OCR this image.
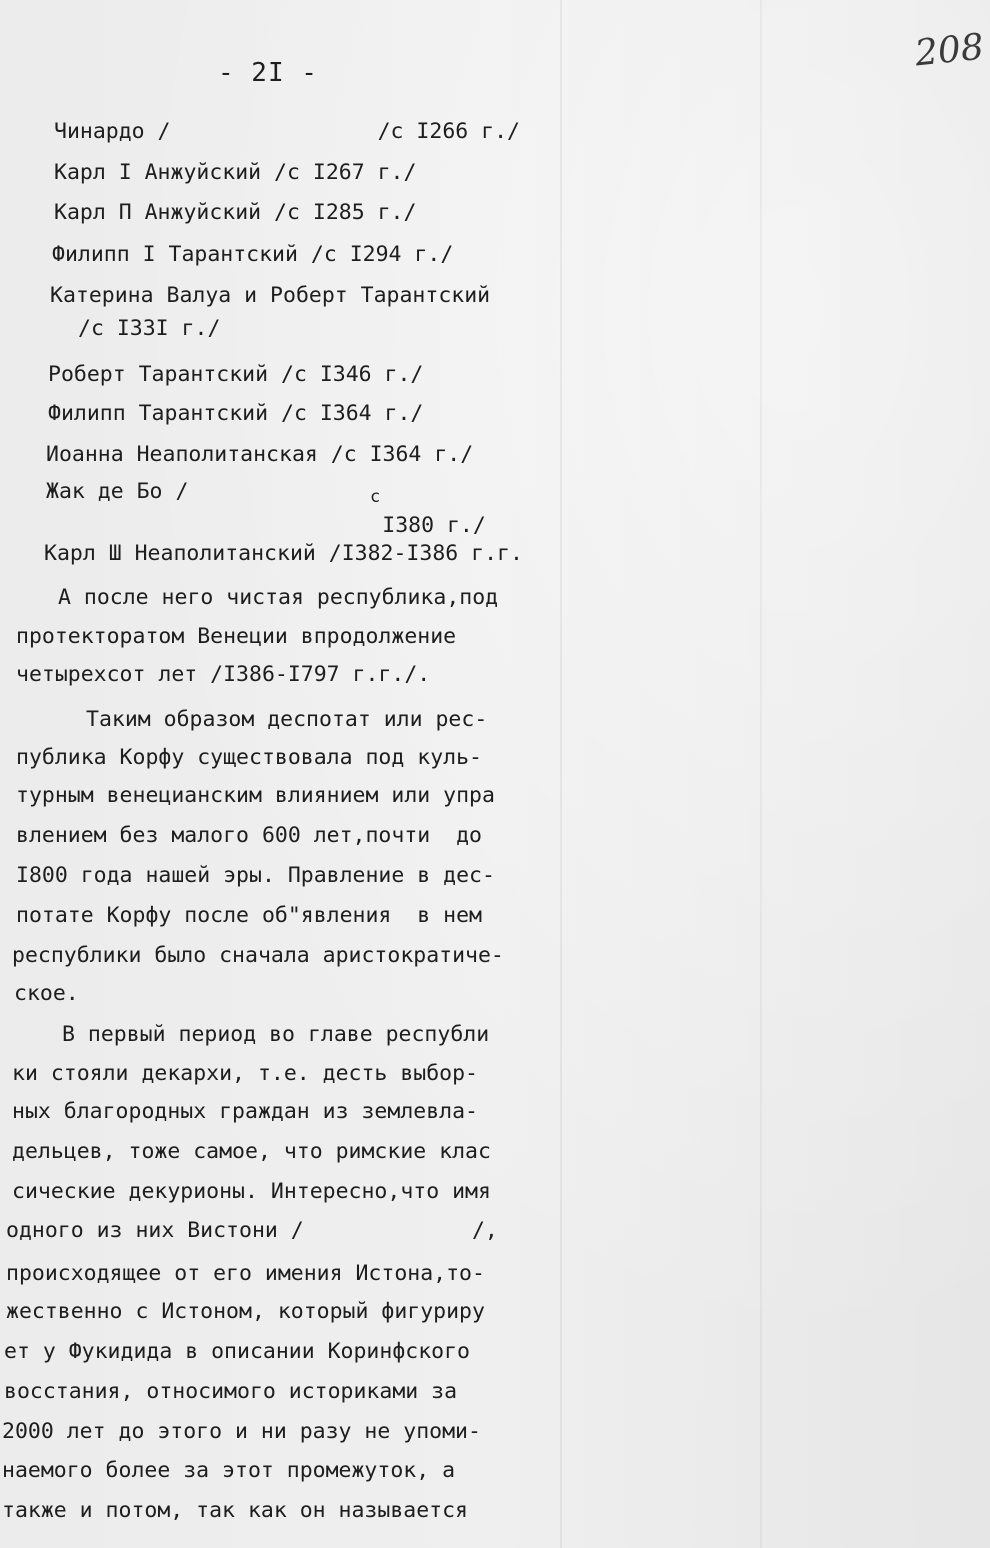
- 2I -	208
Чинардо /                /с I266 г./
Карл I Анжуйский /с I267 г./
Карл П Анжуйский /с I285 г./
Филипп I Тарантский /с I294 г./
Катерина Валуа и Роберт Тарантский
/с I33I г./
Роберт Тарантский /с I346 г./
Филипп Тарантский /с I364 г./
Иоанна Неаполитанская /с I364 г./
Жак де Бо /	$^с$I380 г./
Карл Ш Неаполитанский /I382-I386 г.г.
А после него чистая республика,под
протекторатом Венеции впродолжение
четырехсот лет /I386-I797 г.г./.
Таким образом деспотат или рес-
публика Корфу существовала под куль-
турным венецианским влиянием или упра
влением без малого 600 лет,почти  до
I800 года нашей эры. Правление в дес-
потате Корфу после об"явления  в нем
республики было сначала аристократиче-
ское.
В первый период во главе республи
ки стояли декархи, т.е. десть выбор-
ных благородных граждан из землевла-
дельцев, тоже самое, что римские клас
сические декурионы. Интересно,что имя
одного из них Вистони /             /,
происходящее от его имения Истона,то-
жественно с Истоном, который фигуриру
ет у Фукидида в описании Коринфского
восстания, относимого историками за
2000 лет до этого и ни разу не упоми-
наемого более за этот промежуток, а
также и потом, так как он называется
